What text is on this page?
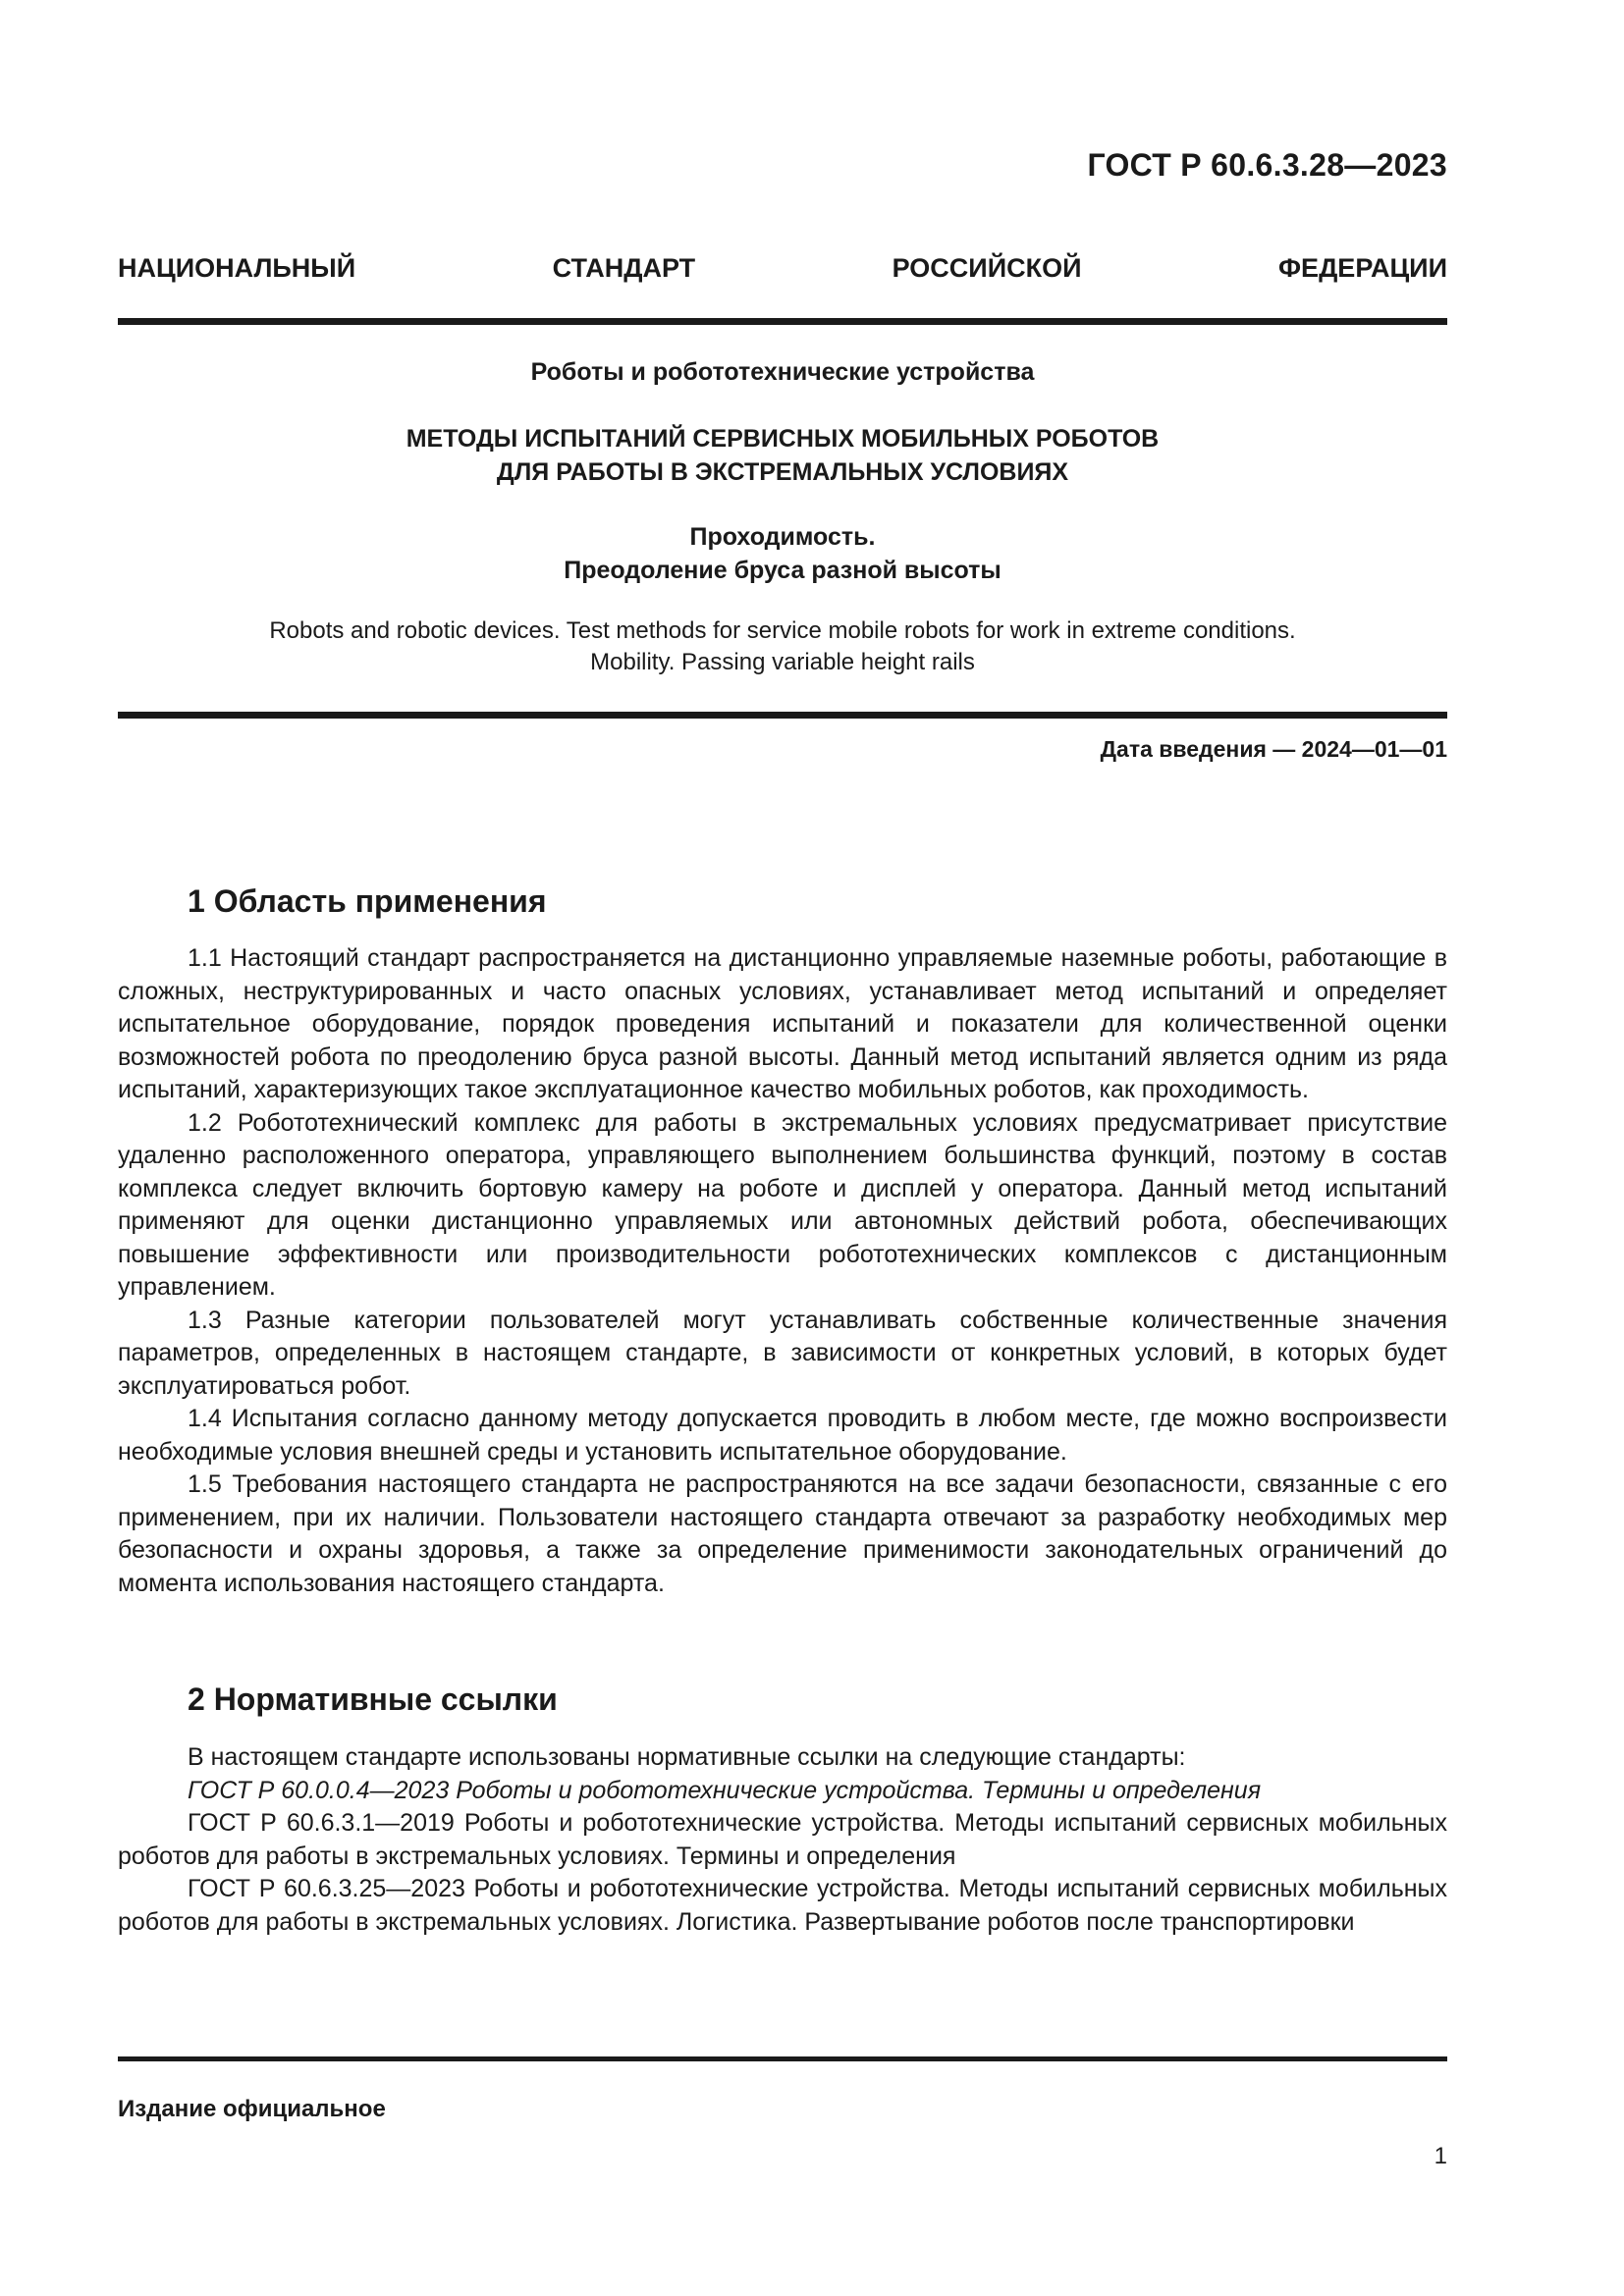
ГОСТ Р 60.6.3.28—2023
НАЦИОНАЛЬНЫЙ	СТАНДАРТ	РОССИЙСКОЙ	ФЕДЕРАЦИИ
Роботы и робототехнические устройства
МЕТОДЫ ИСПЫТАНИЙ СЕРВИСНЫХ МОБИЛЬНЫХ РОБОТОВ
ДЛЯ РАБОТЫ В ЭКСТРЕМАЛЬНЫХ УСЛОВИЯХ
Проходимость.
Преодоление бруса разной высоты
Robots and robotic devices. Test methods for service mobile robots for work in extreme conditions.
Mobility. Passing variable height rails
Дата введения — 2024—01—01
1 Область применения

1.1 Настоящий стандарт распространяется на дистанционно управляемые наземные роботы, работающие в сложных, неструктурированных и часто опасных условиях, устанавливает метод испытаний и определяет испытательное оборудование, порядок проведения испытаний и показатели для количественной оценки возможностей робота по преодолению бруса разной высоты. Данный метод испытаний является одним из ряда испытаний, характеризующих такое эксплуатационное качество мобильных роботов, как проходимость.

1.2 Робототехнический комплекс для работы в экстремальных условиях предусматривает присутствие удаленно расположенного оператора, управляющего выполнением большинства функций, поэтому в состав комплекса следует включить бортовую камеру на роботе и дисплей у оператора. Данный метод испытаний применяют для оценки дистанционно управляемых или автономных действий робота, обеспечивающих повышение эффективности или производительности робототехнических комплексов с дистанционным управлением.

1.3 Разные категории пользователей могут устанавливать собственные количественные значения параметров, определенных в настоящем стандарте, в зависимости от конкретных условий, в которых будет эксплуатироваться робот.

1.4 Испытания согласно данному методу допускается проводить в любом месте, где можно воспроизвести необходимые условия внешней среды и установить испытательное оборудование.

1.5 Требования настоящего стандарта не распространяются на все задачи безопасности, связанные с его применением, при их наличии. Пользователи настоящего стандарта отвечают за разработку необходимых мер безопасности и охраны здоровья, а также за определение применимости законодательных ограничений до момента использования настоящего стандарта.

2 Нормативные ссылки

В настоящем стандарте использованы нормативные ссылки на следующие стандарты:

ГОСТ Р 60.0.0.4—2023 Роботы и робототехнические устройства. Термины и определения

ГОСТ Р 60.6.3.1—2019 Роботы и робототехнические устройства. Методы испытаний сервисных мобильных роботов для работы в экстремальных условиях. Термины и определения

ГОСТ Р 60.6.3.25—2023 Роботы и робототехнические устройства. Методы испытаний сервисных мобильных роботов для работы в экстремальных условиях. Логистика. Развертывание роботов после транспортировки

Издание официальное
1
